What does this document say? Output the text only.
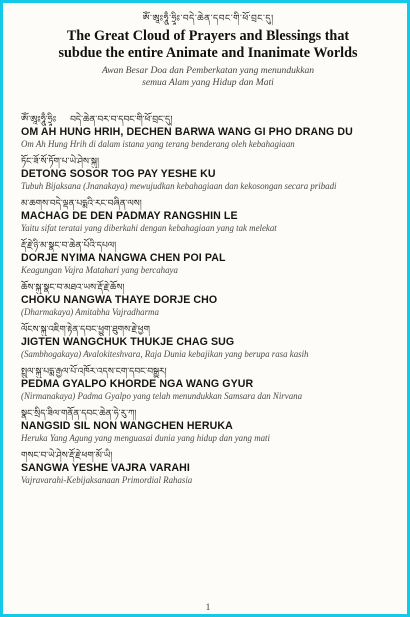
ཨོཾ་ཨཱཿཧཱུྃ་ཧྲཱིཿ་བདེ་ཆེན་དབང་གི་ཕོ་བྲང་དུ།
The Great Cloud of Prayers and Blessings that
subdue the entire Animate and Inanimate Worlds
Awan Besar Doa dan Pemberkatan yang menundukkan
semua Alam yang Hidup dan Mati
ཨོཾ་ཨཱཿཧཱུྃ་ཧྲཱིཿ བདེ་ཆེན་བར་བ་དབང་གི་ཕོ་བྲང་དུ།
OM AH HUNG HRIH, DECHEN BARWA WANG GI PHO DRANG DU
Om Ah Hung Hrih di dalam istana yang terang benderang oleh kebahagiaan
ཏོང་ཟོ་སོ་ཏོག་པ་ཡེ་ཤེས་སྐུ།
DETONG SOSOR TOG PAY YESHE KU
Tubuh Bijaksana (Jnanakaya) mewujudkan kebahagiaan dan kekosongan secara pribadi
མ་ཆགས་བདེ་ལྡན་པདྨའི་རང་བཞིན་ལས།
MACHAG DE DEN PADMAY RANGSHIN LE
Yaitu sifat teratai yang diberkahi dengan kebahagiaan yang tak melekat
རྡོ་རྗེ་ཉི་མ་སྣང་བ་ཆེན་པོའི་དཔལ།
DORJE NYIMA NANGWA CHEN POI PAL
Keagungan Vajra Matahari yang bercahaya
ཆོས་སྐུ་སྣང་བ་མཐའ་ཡས་རྡོ་རྗེ་ཆོས།
CHOKU NANGWA THAYE DORJE CHO
(Dharmakaya) Amitabha Vajradharma
ལོངས་སྐུ་འཇིག་རྟེན་དབང་ཕྱུག་ཐུགས་རྗེ་ཕྱག
JIGTEN WANGCHUK THUKJE CHAG SUG
(Sambhogakaya) Avalokiteshvara, Raja Dunia kebajikan yang berupa rasa kasih
སྤྲུལ་སྐུ་པདྨ་རྒྱལ་པོ་འཁོར་འདས་ངག་དབང་བསྒྱུར།
PEDMA GYALPO KHORDE NGA WANG GYUR
(Nirmanakaya) Padma Gyalpo yang telah menundukkan Samsara dan Nirvana
སྣང་སྲིད་ཟིལ་གནོན་དབང་ཆེན་ཧེ་རུ་ཀ།
NANGSID SIL NON WANGCHEN HERUKA
Heruka Yang Agung yang menguasai dunia yang hidup dan yang mati
གསང་བ་ཡེ་ཤེས་རྡོ་རྗེ་ཕག་མོ་ཡི།
SANGWA YESHE VAJRA VARAHI
Vajravarahi-Kebijaksanaan Primordial Rahasia
1
